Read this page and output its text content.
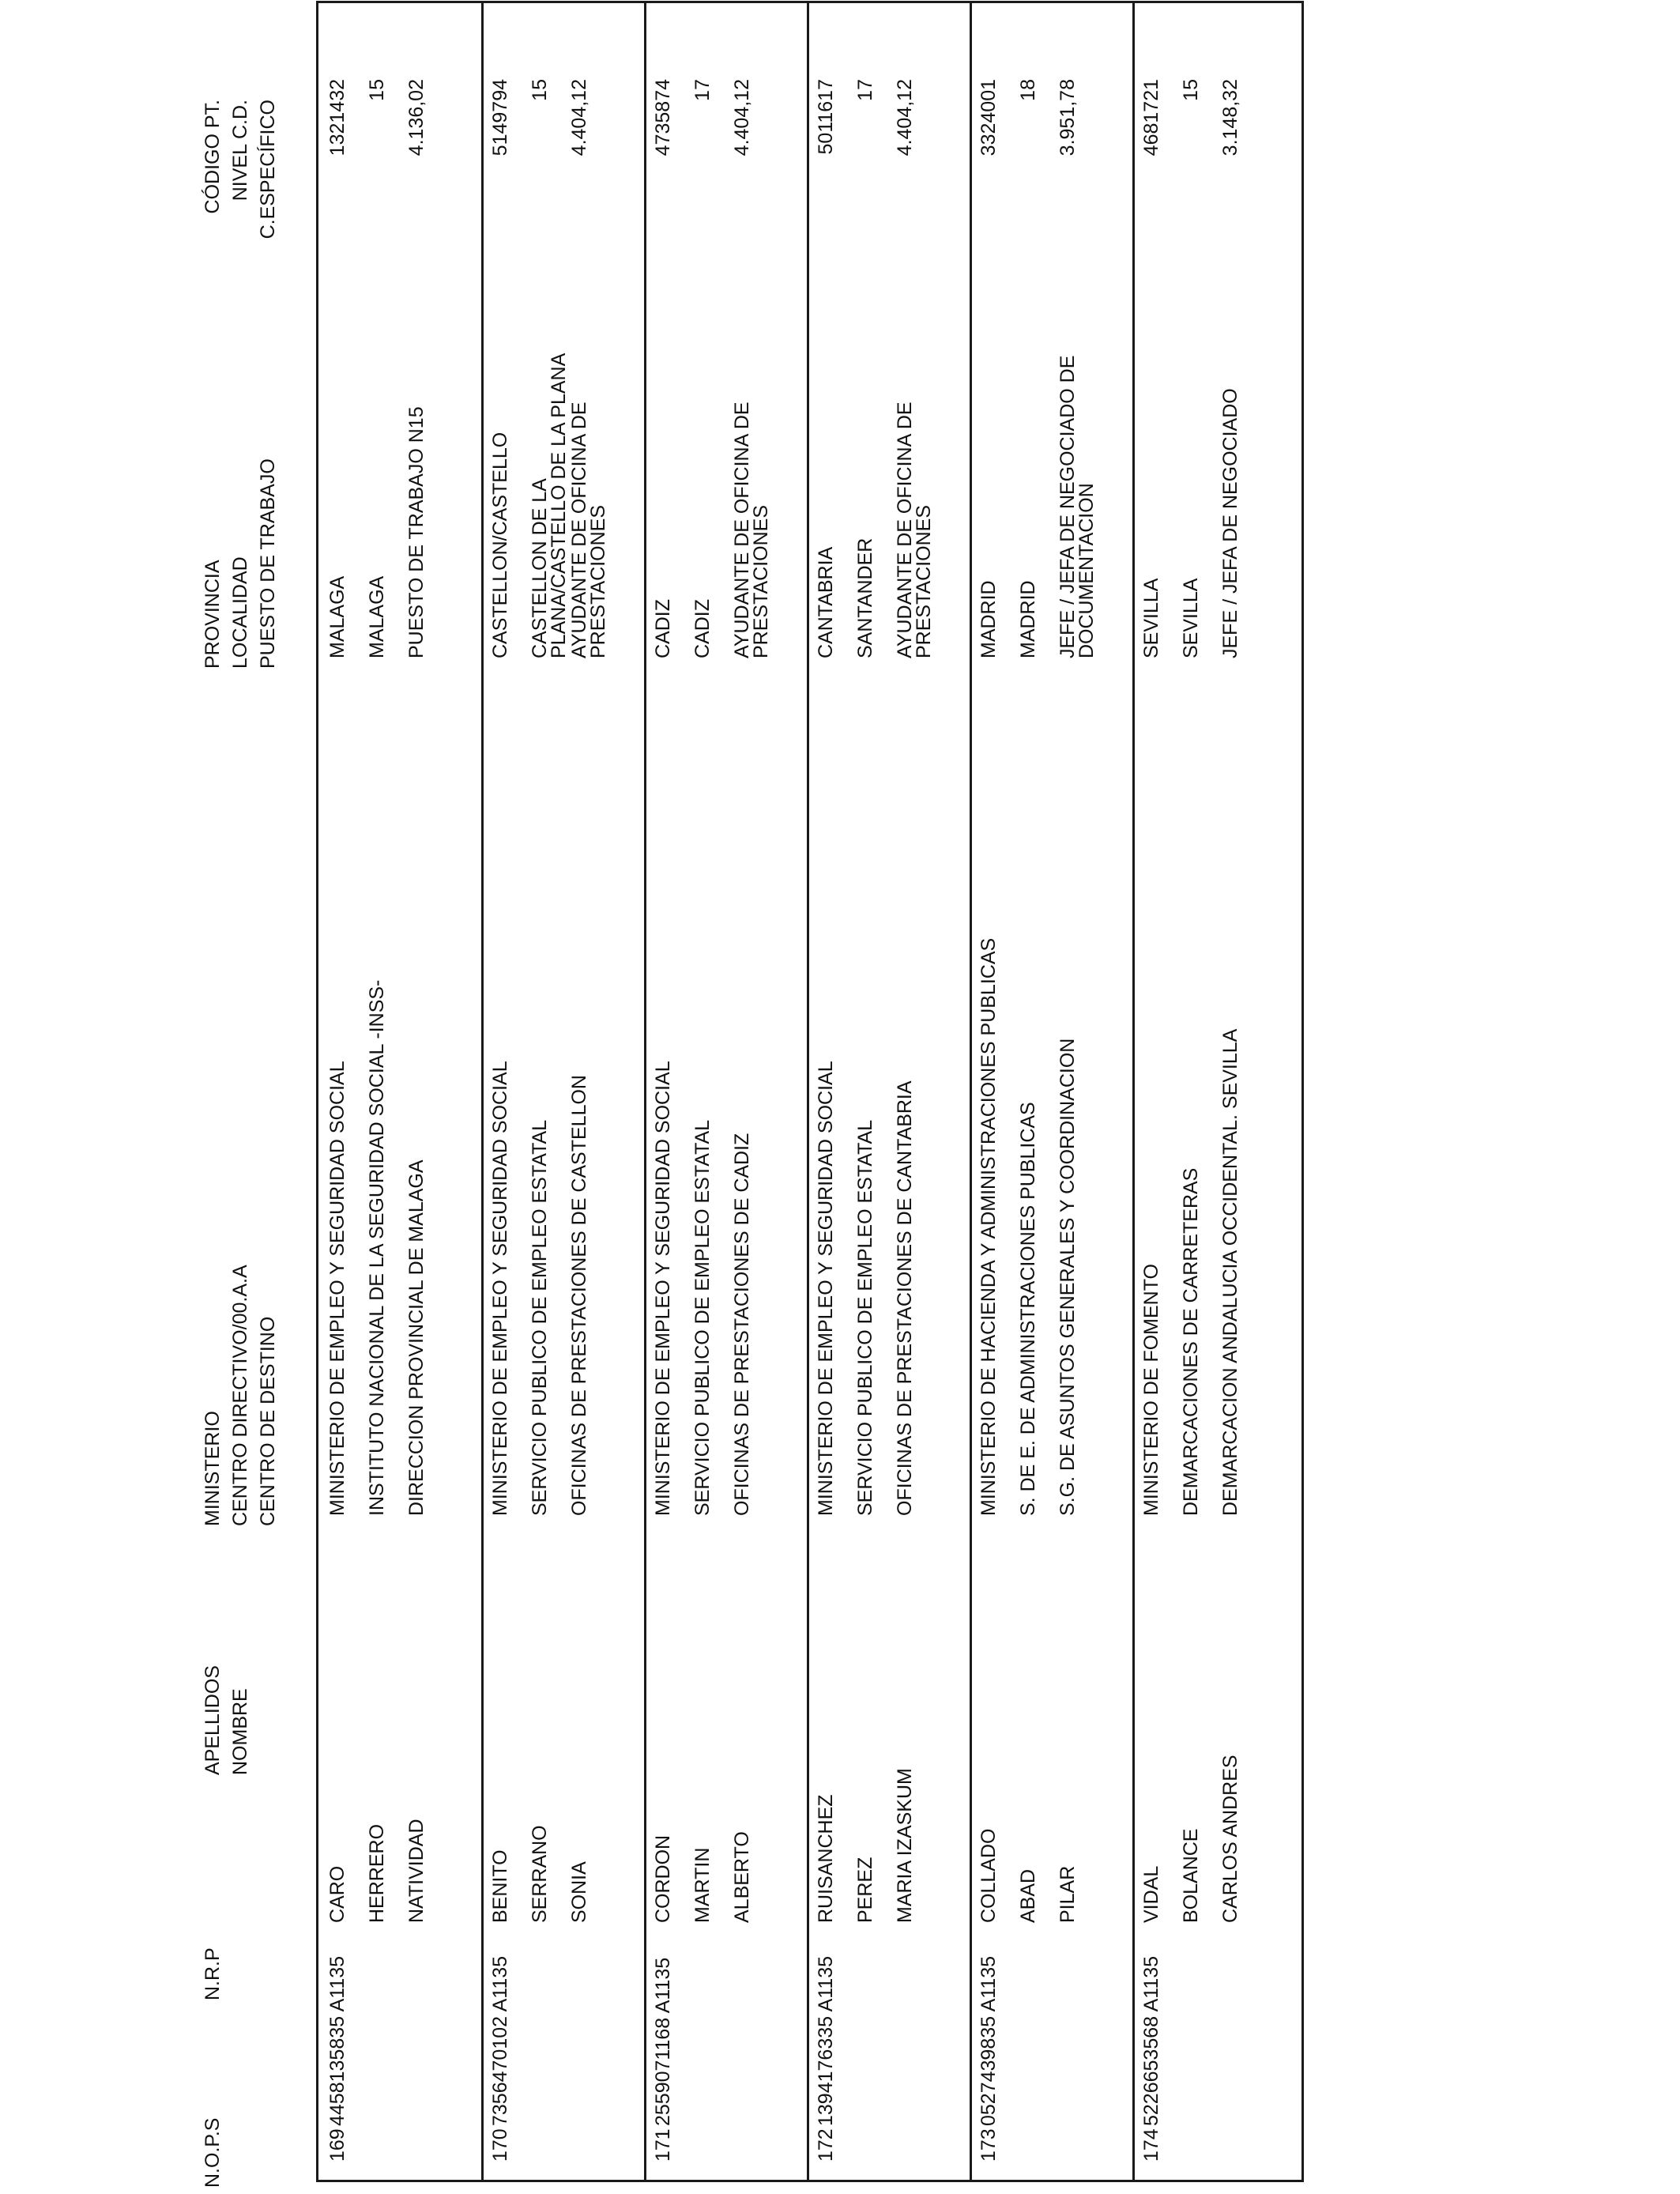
N.O.P.S
N.R.P
APELLIDOS NOMBRE
MINISTERIO CENTRO DIRECTIVO/00.A.A CENTRO DE DESTINO
PROVINCIA LOCALIDAD PUESTO DE TRABAJO
CÓDIGO PT. NIVEL C.D. C.ESPECÍFICO
169
4458135835 A1135
CARO
MINISTERIO DE EMPLEO Y SEGURIDAD SOCIAL
MALAGA
1321432
HERRERO
INSTITUTO NACIONAL DE LA SEGURIDAD SOCIAL -INSS-
MALAGA
15
NATIVIDAD
DIRECCION PROVINCIAL DE MALAGA
PUESTO DE TRABAJO N15
4.136,02
170
7356470102 A1135
BENITO
MINISTERIO DE EMPLEO Y SEGURIDAD SOCIAL
CASTELLON/CASTELLO
5149794
SERRANO
SERVICIO PUBLICO DE EMPLEO ESTATAL
CASTELLON DE LA PLANA/CASTELLO DE LA PLANA
15
SONIA
OFICINAS DE PRESTACIONES DE CASTELLON
AYUDANTE DE OFICINA DE PRESTACIONES
4.404,12
171
2559071168 A1135
CORDON
MINISTERIO DE EMPLEO Y SEGURIDAD SOCIAL
CADIZ
4735874
MARTIN
SERVICIO PUBLICO DE EMPLEO ESTATAL
CADIZ
17
ALBERTO
OFICINAS DE PRESTACIONES DE CADIZ
AYUDANTE DE OFICINA DE PRESTACIONES
4.404,12
172
1394176335 A1135
RUISANCHEZ
MINISTERIO DE EMPLEO Y SEGURIDAD SOCIAL
CANTABRIA
5011617
PEREZ
SERVICIO PUBLICO DE EMPLEO ESTATAL
SANTANDER
17
MARIA IZASKUM
OFICINAS DE PRESTACIONES DE CANTABRIA
AYUDANTE DE OFICINA DE PRESTACIONES
4.404,12
173
0527439835 A1135
COLLADO
MINISTERIO DE HACIENDA Y ADMINISTRACIONES PUBLICAS
MADRID
3324001
ABAD
S. DE E. DE ADMINISTRACIONES PUBLICAS
MADRID
18
PILAR
S.G. DE ASUNTOS GENERALES Y COORDINACION
JEFE / JEFA DE NEGOCIADO DE DOCUMENTACION
3.951,78
174
5226653568 A1135
VIDAL
MINISTERIO DE FOMENTO
SEVILLA
4681721
BOLANCE
DEMARCACIONES DE CARRETERAS
SEVILLA
15
CARLOS ANDRES
DEMARCACION ANDALUCIA OCCIDENTAL. SEVILLA
JEFE / JEFA DE NEGOCIADO
3.148,32
